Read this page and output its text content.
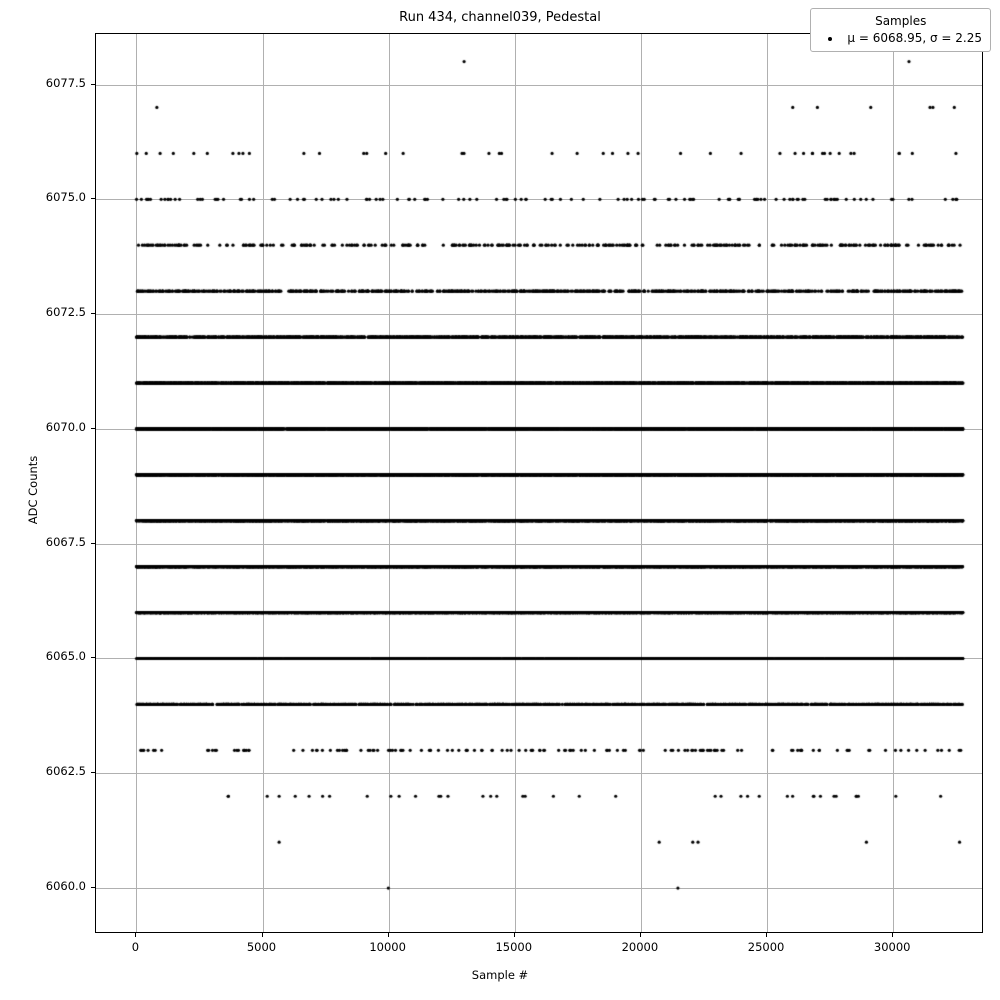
Run 434, channel039, Pedestal
0	5000	10000	15000	20000	25000	30000
6060.0
6062.5
6065.0
6067.5
6070.0
6072.5
6075.0
6077.5
Sample #
ADC Counts
Samples
μ = 6068.95, σ = 2.25
